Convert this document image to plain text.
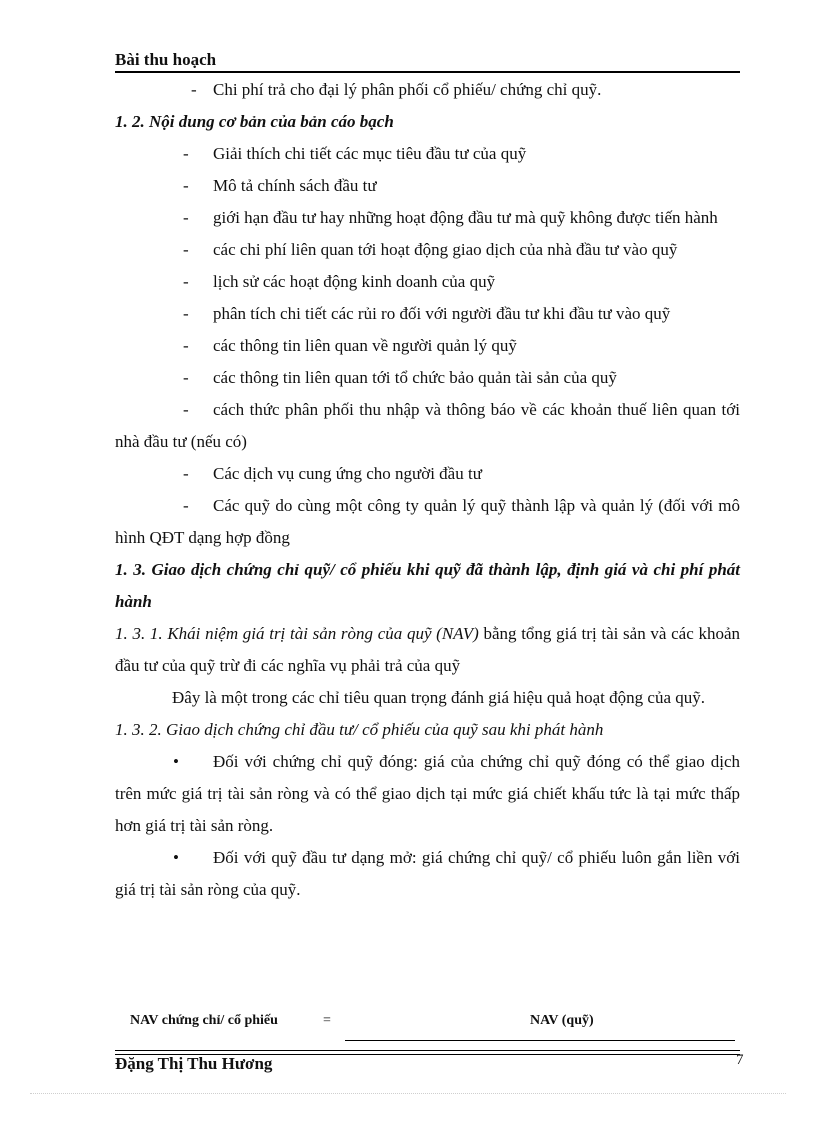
Bài thu hoạch

- Chi phí trả cho đại lý phân phối cổ phiếu/ chứng chỉ quỹ.

1. 2. Nội dung cơ bản của bản cáo bạch

- Giải thích chi tiết các mục tiêu đầu tư của quỹ

- Mô tả chính sách đầu tư

- giới hạn đầu tư hay những hoạt động đầu tư mà quỹ không được tiến hành

- các chi phí liên quan tới hoạt động giao dịch của nhà đầu tư vào quỹ

- lịch sử các hoạt động kinh doanh của quỹ

- phân tích chi tiết các rủi ro đối với người đầu tư khi đầu tư vào quỹ

- các thông tin liên quan về người quản lý quỹ

- các thông tin liên quan tới tổ chức bảo quản tài sản của quỹ

- cách thức phân phối thu nhập và thông báo về các khoản thuế liên quan tới nhà đầu tư (nếu có)

- Các dịch vụ cung ứng cho người đầu tư

- Các quỹ do cùng một công ty quản lý quỹ thành lập và quản lý (đối với mô hình QĐT dạng hợp đồng

1. 3. Giao dịch chứng chỉ quỹ/ cổ phiếu khi quỹ đã thành lập, định giá và chi phí phát hành

1. 3. 1. Khái niệm giá trị tài sản ròng của quỹ (NAV) bằng tổng giá trị tài sản và các khoản đầu tư của quỹ trừ đi các nghĩa vụ phải trả của quỹ

Đây là một trong các chỉ tiêu quan trọng đánh giá hiệu quả hoạt động của quỹ.

1. 3. 2. Giao dịch chứng chỉ đầu tư/ cổ phiếu của quỹ sau khi phát hành

• Đối với chứng chỉ quỹ đóng: giá của chứng chỉ quỹ đóng có thể giao dịch trên mức giá trị tài sản ròng và có thể giao dịch tại mức giá chiết khấu tức là tại mức thấp hơn giá trị tài sản ròng.

• Đối với quỹ đầu tư dạng mở: giá chứng chỉ quỹ/ cổ phiếu luôn gắn liền với giá trị tài sản ròng của quỹ.

NAV chứng chỉ/ cổ phiếu	=	NAV (quỹ)
Đặng Thị Thu Hương	7
